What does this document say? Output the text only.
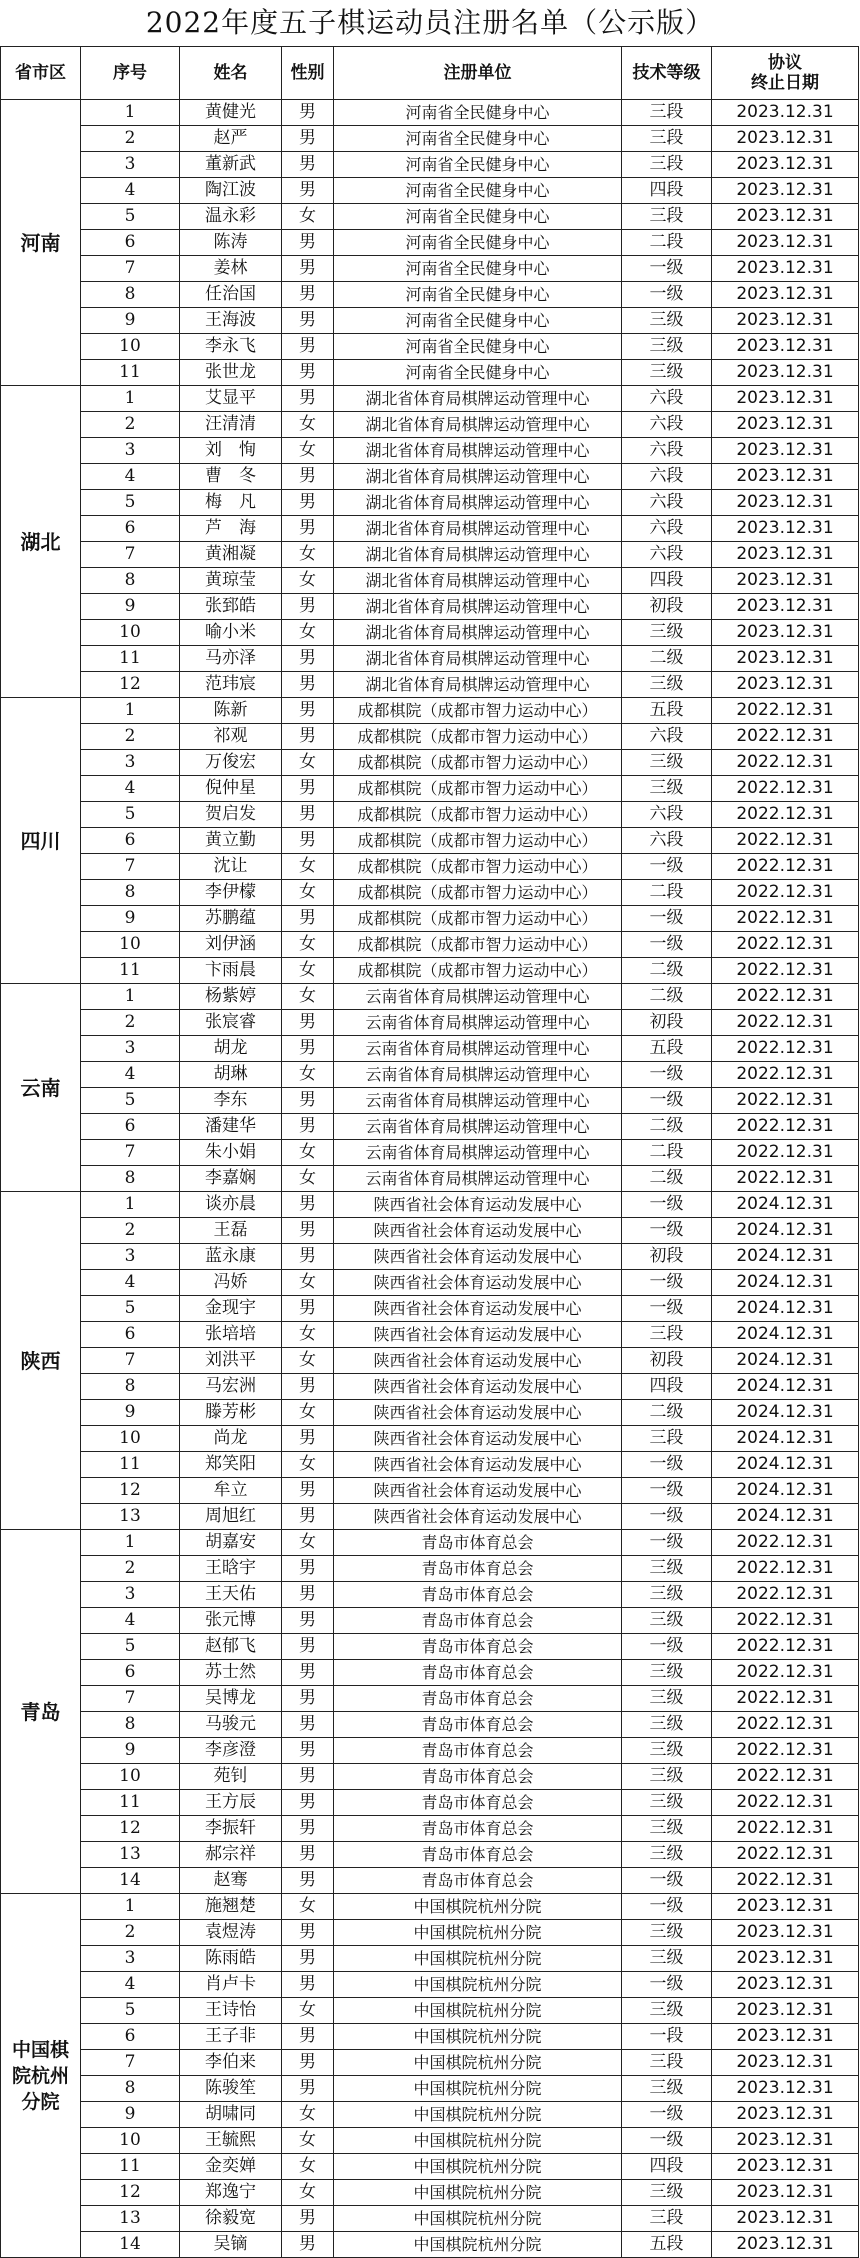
2022年度五子棋运动员注册名单（公示版）
省市区	序号	姓名	性别	注册单位	技术等级	协议
终止日期
河南	1	黄健光	男	河南省全民健身中心	三段	2023.12.31
	2	赵严	男	河南省全民健身中心	三段	2023.12.31
	3	董新武	男	河南省全民健身中心	三段	2023.12.31
	4	陶江波	男	河南省全民健身中心	四段	2023.12.31
	5	温永彩	女	河南省全民健身中心	三段	2023.12.31
	6	陈涛	男	河南省全民健身中心	二段	2023.12.31
	7	姜林	男	河南省全民健身中心	一级	2023.12.31
	8	任治国	男	河南省全民健身中心	一级	2023.12.31
	9	王海波	男	河南省全民健身中心	三级	2023.12.31
	10	李永飞	男	河南省全民健身中心	三级	2023.12.31
	11	张世龙	男	河南省全民健身中心	三级	2023.12.31
湖北	1	艾显平	男	湖北省体育局棋牌运动管理中心	六段	2023.12.31
	2	汪清清	女	湖北省体育局棋牌运动管理中心	六段	2023.12.31
	3	刘　恂	女	湖北省体育局棋牌运动管理中心	六段	2023.12.31
	4	曹　冬	男	湖北省体育局棋牌运动管理中心	六段	2023.12.31
	5	梅　凡	男	湖北省体育局棋牌运动管理中心	六段	2023.12.31
	6	芦　海	男	湖北省体育局棋牌运动管理中心	六段	2023.12.31
	7	黄湘凝	女	湖北省体育局棋牌运动管理中心	六段	2023.12.31
	8	黄琼莹	女	湖北省体育局棋牌运动管理中心	四段	2023.12.31
	9	张郅皓	男	湖北省体育局棋牌运动管理中心	初段	2023.12.31
	10	喻小米	女	湖北省体育局棋牌运动管理中心	三级	2023.12.31
	11	马亦泽	男	湖北省体育局棋牌运动管理中心	二级	2023.12.31
	12	范玮宸	男	湖北省体育局棋牌运动管理中心	三级	2023.12.31
四川	1	陈新	男	成都棋院（成都市智力运动中心）	五段	2022.12.31
	2	祁观	男	成都棋院（成都市智力运动中心）	六段	2022.12.31
	3	万俊宏	女	成都棋院（成都市智力运动中心）	三级	2022.12.31
	4	倪仲星	男	成都棋院（成都市智力运动中心）	三级	2022.12.31
	5	贺启发	男	成都棋院（成都市智力运动中心）	六段	2022.12.31
	6	黄立勤	男	成都棋院（成都市智力运动中心）	六段	2022.12.31
	7	沈让	女	成都棋院（成都市智力运动中心）	一级	2022.12.31
	8	李伊檬	女	成都棋院（成都市智力运动中心）	二段	2022.12.31
	9	苏鹏蕴	男	成都棋院（成都市智力运动中心）	一级	2022.12.31
	10	刘伊涵	女	成都棋院（成都市智力运动中心）	一级	2022.12.31
	11	卞雨晨	女	成都棋院（成都市智力运动中心）	二级	2022.12.31
云南	1	杨紫婷	女	云南省体育局棋牌运动管理中心	二级	2022.12.31
	2	张宸睿	男	云南省体育局棋牌运动管理中心	初段	2022.12.31
	3	胡龙	男	云南省体育局棋牌运动管理中心	五段	2022.12.31
	4	胡琳	女	云南省体育局棋牌运动管理中心	一级	2022.12.31
	5	李东	男	云南省体育局棋牌运动管理中心	一级	2022.12.31
	6	潘建华	男	云南省体育局棋牌运动管理中心	二级	2022.12.31
	7	朱小娟	女	云南省体育局棋牌运动管理中心	二段	2022.12.31
	8	李嘉娴	女	云南省体育局棋牌运动管理中心	二级	2022.12.31
陕西	1	谈亦晨	男	陕西省社会体育运动发展中心	一级	2024.12.31
	2	王磊	男	陕西省社会体育运动发展中心	一级	2024.12.31
	3	蓝永康	男	陕西省社会体育运动发展中心	初段	2024.12.31
	4	冯娇	女	陕西省社会体育运动发展中心	一级	2024.12.31
	5	金现宇	男	陕西省社会体育运动发展中心	一级	2024.12.31
	6	张培培	女	陕西省社会体育运动发展中心	三段	2024.12.31
	7	刘洪平	女	陕西省社会体育运动发展中心	初段	2024.12.31
	8	马宏洲	男	陕西省社会体育运动发展中心	四段	2024.12.31
	9	滕芳彬	女	陕西省社会体育运动发展中心	二级	2024.12.31
	10	尚龙	男	陕西省社会体育运动发展中心	三段	2024.12.31
	11	郑笑阳	女	陕西省社会体育运动发展中心	一级	2024.12.31
	12	牟立	男	陕西省社会体育运动发展中心	一级	2024.12.31
	13	周旭红	男	陕西省社会体育运动发展中心	一级	2024.12.31
青岛	1	胡嘉安	女	青岛市体育总会	一级	2022.12.31
	2	王晗宇	男	青岛市体育总会	三级	2022.12.31
	3	王天佑	男	青岛市体育总会	三级	2022.12.31
	4	张元博	男	青岛市体育总会	三级	2022.12.31
	5	赵郁飞	男	青岛市体育总会	一级	2022.12.31
	6	苏士然	男	青岛市体育总会	三级	2022.12.31
	7	吴博龙	男	青岛市体育总会	三级	2022.12.31
	8	马骏元	男	青岛市体育总会	三级	2022.12.31
	9	李彦澄	男	青岛市体育总会	三级	2022.12.31
	10	苑钊	男	青岛市体育总会	三级	2022.12.31
	11	王方辰	男	青岛市体育总会	三级	2022.12.31
	12	李振轩	男	青岛市体育总会	三级	2022.12.31
	13	郝宗祥	男	青岛市体育总会	三级	2022.12.31
	14	赵骞	男	青岛市体育总会	一级	2022.12.31
中国棋院杭州分院	1	施翘楚	女	中国棋院杭州分院	一级	2023.12.31
	2	袁煜涛	男	中国棋院杭州分院	三级	2023.12.31
	3	陈雨皓	男	中国棋院杭州分院	三级	2023.12.31
	4	肖卢卡	男	中国棋院杭州分院	一级	2023.12.31
	5	王诗怡	女	中国棋院杭州分院	三级	2023.12.31
	6	王子非	男	中国棋院杭州分院	一段	2023.12.31
	7	李伯来	男	中国棋院杭州分院	三段	2023.12.31
	8	陈骏笙	男	中国棋院杭州分院	三级	2023.12.31
	9	胡啸同	女	中国棋院杭州分院	一级	2023.12.31
	10	王毓熙	女	中国棋院杭州分院	一级	2023.12.31
	11	金奕婵	女	中国棋院杭州分院	四段	2023.12.31
	12	郑逸宁	女	中国棋院杭州分院	三级	2023.12.31
	13	徐毅宽	男	中国棋院杭州分院	三段	2023.12.31
	14	吴镝	男	中国棋院杭州分院	五段	2023.12.31
